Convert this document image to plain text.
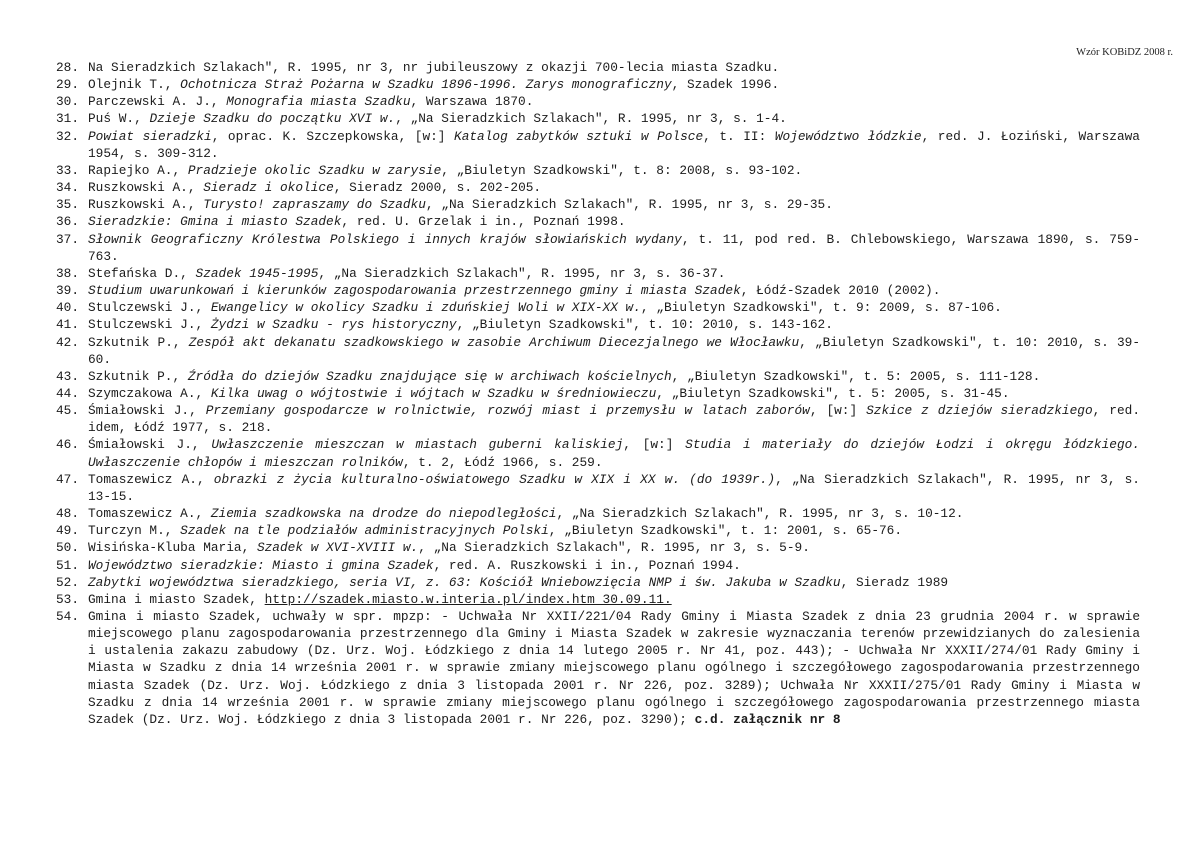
Wzór KOBiDZ 2008 r.
28. Na Sieradzkich Szlakach", R. 1995, nr 3, nr jubileuszowy z okazji 700-lecia miasta Szadku.
29. Olejnik T., Ochotnicza Straż Pożarna w Szadku 1896-1996. Zarys monograficzny, Szadek 1996.
30. Parczewski A. J., Monografia miasta Szadku, Warszawa 1870.
31. Puś W., Dzieje Szadku do początku XVI w., „Na Sieradzkich Szlakach", R. 1995, nr 3, s. 1-4.
32. Powiat sieradzki, oprac. K. Szczepkowska, [w:] Katalog zabytków sztuki w Polsce, t. II: Województwo łódzkie, red. J. Łoziński, Warszawa 1954, s. 309-312.
33. Rapiejko A., Pradzieje okolic Szadku w zarysie, „Biuletyn Szadkowski", t. 8: 2008, s. 93-102.
34. Ruszkowski A., Sieradz i okolice, Sieradz 2000, s. 202-205.
35. Ruszkowski A., Turysto! zapraszamy do Szadku, „Na Sieradzkich Szlakach", R. 1995, nr 3, s. 29-35.
36. Sieradzkie: Gmina i miasto Szadek, red. U. Grzelak i in., Poznań 1998.
37. Słownik Geograficzny Królestwa Polskiego i innych krajów słowiańskich wydany, t. 11, pod red. B. Chlebowskiego, Warszawa 1890, s. 759-763.
38. Stefańska D., Szadek 1945-1995, „Na Sieradzkich Szlakach", R. 1995, nr 3, s. 36-37.
39. Studium uwarunkowań i kierunków zagospodarowania przestrzennego gminy i miasta Szadek, Łódź-Szadek 2010 (2002).
40. Stulczewski J., Ewangelicy w okolicy Szadku i zduńskiej Woli w XIX-XX w., „Biuletyn Szadkowski", t. 9: 2009, s. 87-106.
41. Stulczewski J., Żydzi w Szadku - rys historyczny, „Biuletyn Szadkowski", t. 10: 2010, s. 143-162.
42. Szkutnik P., Zespół akt dekanatu szadkowskiego w zasobie Archiwum Diecezjalnego we Włocławku, „Biuletyn Szadkowski", t. 10: 2010, s. 39-60.
43. Szkutnik P., Źródła do dziejów Szadku znajdujące się w archiwach kościelnych, „Biuletyn Szadkowski", t. 5: 2005, s. 111-128.
44. Szymczakowa A., Kilka uwag o wójtostwie i wójtach w Szadku w średniowieczu, „Biuletyn Szadkowski", t. 5: 2005, s. 31-45.
45. Śmiałowski J., Przemiany gospodarcze w rolnictwie, rozwój miast i przemysłu w latach zaborów, [w:] Szkice z dziejów sieradzkiego, red. idem, Łódź 1977, s. 218.
46. Śmiałowski J., Uwłaszczenie mieszczan w miastach guberni kaliskiej, [w:] Studia i materiały do dziejów Łodzi i okręgu łódzkiego. Uwłaszczenie chłopów i mieszczan rolników, t. 2, Łódź 1966, s. 259.
47. Tomaszewicz A., obrazki z życia kulturalno-oświatowego Szadku w XIX i XX w. (do 1939r.), „Na Sieradzkich Szlakach", R. 1995, nr 3, s. 13-15.
48. Tomaszewicz A., Ziemia szadkowska na drodze do niepodległości, „Na Sieradzkich Szlakach", R. 1995, nr 3, s. 10-12.
49. Turczyn M., Szadek na tle podziałów administracyjnych Polski, „Biuletyn Szadkowski", t. 1: 2001, s. 65-76.
50. Wisińska-Kluba Maria, Szadek w XVI-XVIII w., „Na Sieradzkich Szlakach", R. 1995, nr 3, s. 5-9.
51. Województwo sieradzkie: Miasto i gmina Szadek, red. A. Ruszkowski i in., Poznań 1994.
52. Zabytki województwa sieradzkiego, seria VI, z. 63: Kościół Wniebowzięcia NMP i św. Jakuba w Szadku, Sieradz 1989
53. Gmina i miasto Szadek, http://szadek.miasto.w.interia.pl/index.htm 30.09.11.
54. Gmina i miasto Szadek, uchwały w spr. mpzp: - Uchwała Nr XXII/221/04 Rady Gminy i Miasta Szadek z dnia 23 grudnia 2004 r. w sprawie miejscowego planu zagospodarowania przestrzennego dla Gminy i Miasta Szadek w zakresie wyznaczania terenów przewidzianych do zalesienia i ustalenia zakazu zabudowy (Dz. Urz. Woj. Łódzkiego z dnia 14 lutego 2005 r. Nr 41, poz. 443); - Uchwała Nr XXXII/274/01 Rady Gminy i Miasta w Szadku z dnia 14 września 2001 r. w sprawie zmiany miejscowego planu ogólnego i szczegółowego zagospodarowania przestrzennego miasta Szadek (Dz. Urz. Woj. Łódzkiego z dnia 3 listopada 2001 r. Nr 226, poz. 3289); Uchwała Nr XXXII/275/01 Rady Gminy i Miasta w Szadku z dnia 14 września 2001 r. w sprawie zmiany miejscowego planu ogólnego i szczegółowego zagospodarowania przestrzennego miasta Szadek (Dz. Urz. Woj. Łódzkiego z dnia 3 listopada 2001 r. Nr 226, poz. 3290); c.d. załącznik nr 8
